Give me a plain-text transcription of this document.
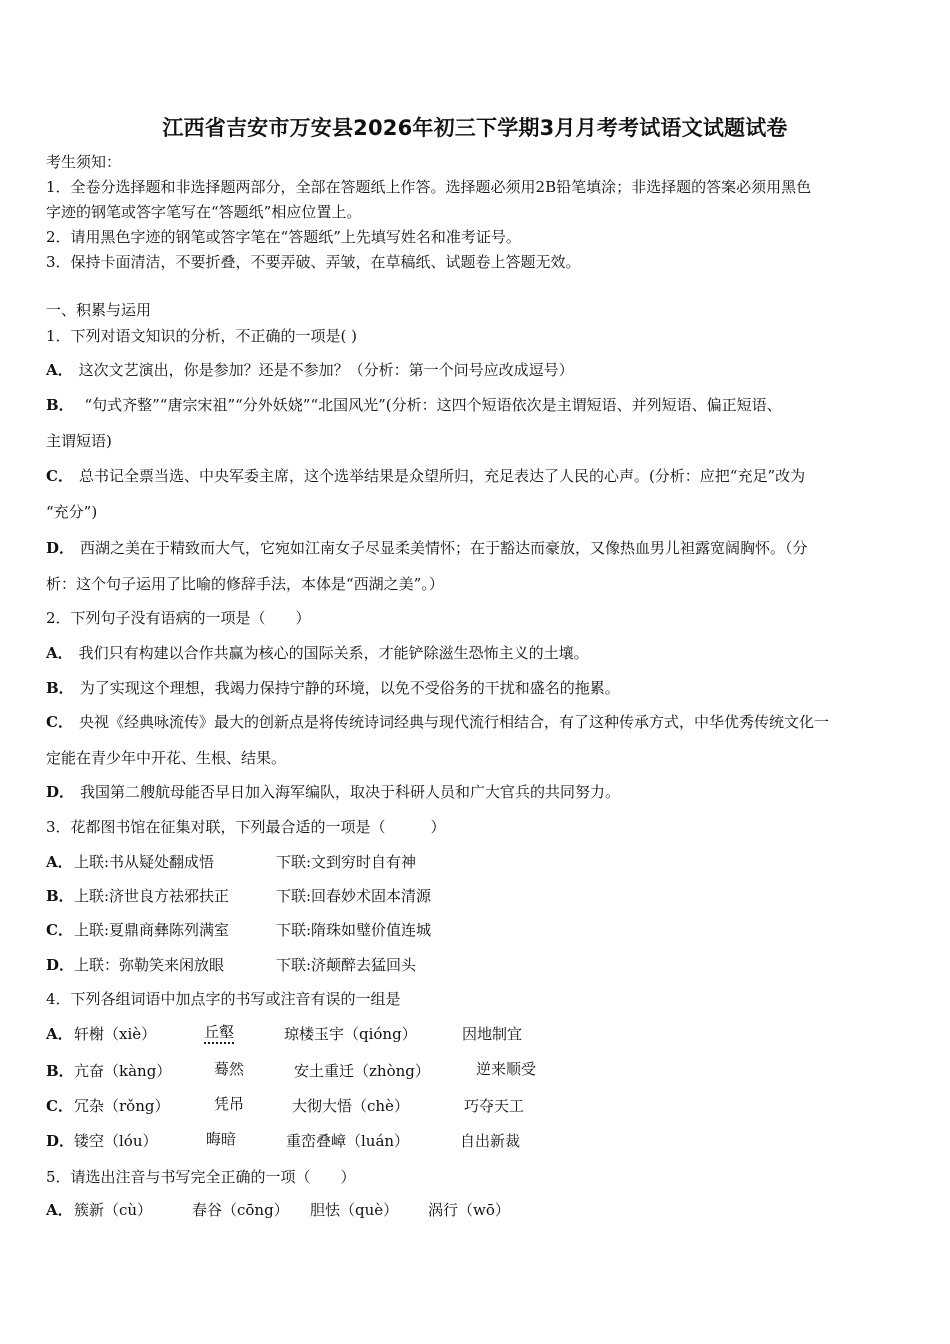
江西省吉安市万安县2026年初三下学期3月月考考试语文试题试卷
考生须知：
1．全卷分选择题和非选择题两部分，全部在答题纸上作答。选择题必须用2B铅笔填涂；非选择题的答案必须用黑色
字迹的钢笔或答字笔写在“答题纸”相应位置上。
2．请用黑色字迹的钢笔或答字笔在“答题纸”上先填写姓名和准考证号。
3．保持卡面清洁，不要折叠，不要弄破、弄皱，在草稿纸、试题卷上答题无效。
一、积累与运用
1．下列对语文知识的分析，不正确的一项是( )
A． 这次文艺演出，你是参加？还是不参加？（分析：第一个问号应改成逗号）
B． “句式齐整”“唐宗宋祖”“分外妖娆”“北国风光”(分析：这四个短语依次是主谓短语、并列短语、偏正短语、
主谓短语)
C． 总书记全票当选、中央军委主席，这个选举结果是众望所归，充足表达了人民的心声。(分析：应把“充足”改为
“充分”)
D． 西湖之美在于精致而大气，它宛如江南女子尽显柔美情怀；在于豁达而豪放，又像热血男儿袒露宽阔胸怀。（分
析：这个句子运用了比喻的修辞手法，本体是“西湖之美”。）
2．下列句子没有语病的一项是（　　）
A． 我们只有构建以合作共赢为核心的国际关系，才能铲除滋生恐怖主义的土壤。
B． 为了实现这个理想，我竭力保持宁静的环境，以免不受俗务的干扰和盛名的拖累。
C． 央视《经典咏流传》最大的创新点是将传统诗词经典与现代流行相结合，有了这种传承方式，中华优秀传统文化一
定能在青少年中开花、生根、结果。
D． 我国第二艘航母能否早日加入海军编队，取决于科研人员和广大官兵的共同努力。
3．花都图书馆在征集对联，下列最合适的一项是（　　　）
A． 上联:书从疑处翻成悟	下联:文到穷时自有神
B． 上联:济世良方祛邪扶正	下联:回春妙术固本清源
C． 上联:夏鼎商彝陈列满室	下联:隋珠如璧价值连城
D． 上联：弥勒笑来闲放眼	下联:济颠醉去猛回头
4．下列各组词语中加点字的书写或注音有误的一组是
A． 轩榭（xiè）	丘壑	琼楼玉宇（qióng）	因地制宜
B． 亢奋（kàng）	蓦然	安土重迁（zhòng）	逆来顺受
C． 冗杂（rǒng）	凭吊	大彻大悟（chè）	巧夺天工
D． 镂空（lóu）	晦暗	重峦叠嶂（luán）	自出新裁
5．请选出注音与书写完全正确的一项（　　）
A． 簇新（cù）	春谷（cōng） 胆怯（què） 涡行（wō）
